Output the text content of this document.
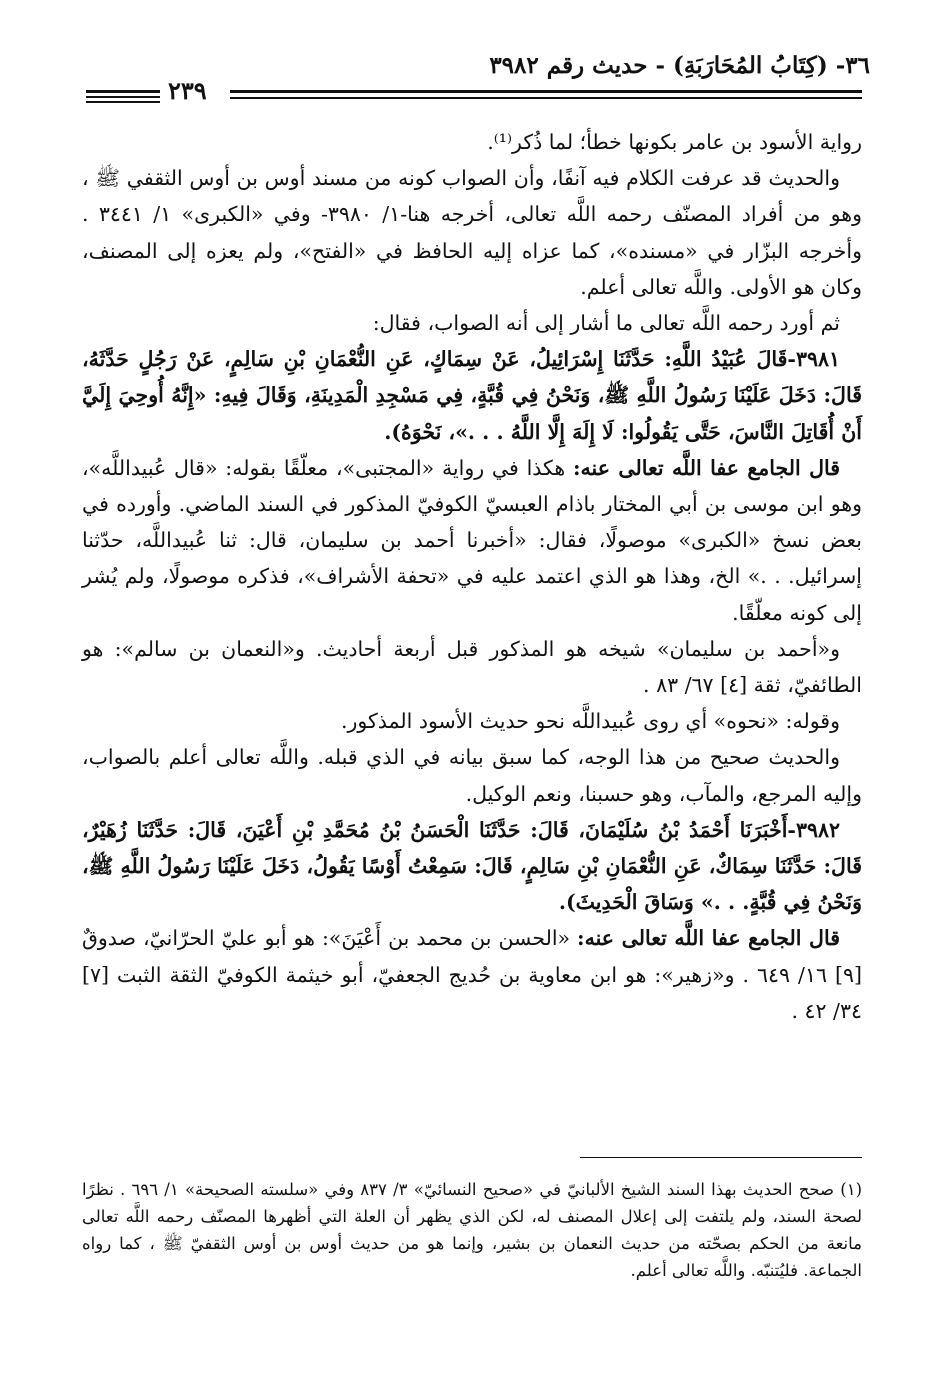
٣٦- (كِتَابُ المُحَارَبَةِ) - حديث رقم ٣٩٨٢
٢٣٩

رواية الأسود بن عامر بكونها خطأ؛ لما ذُكر⁽¹⁾.

والحديث قد عرفت الكلام فيه آنفًا، وأن الصواب كونه من مسند أوس بن أوس الثقفي ﷺ ، وهو من أفراد المصنّف رحمه اللَّه تعالى، أخرجه هنا-١/ ٣٩٨٠- وفي «الكبرى» ١/ ٣٤٤١ . وأخرجه البزّار في «مسنده»، كما عزاه إليه الحافظ في «الفتح»، ولم يعزه إلى المصنف، وكان هو الأولى. واللَّه تعالى أعلم.

ثم أورد رحمه اللَّه تعالى ما أشار إلى أنه الصواب، فقال:

٣٩٨١-قَالَ عُبَيْدُ اللَّهِ: حَدَّثَنَا إِسْرَائِيلُ، عَنْ سِمَاكٍ، عَنِ النُّعْمَانِ بْنِ سَالِمٍ، عَنْ رَجُلٍ حَدَّثَهُ، قَالَ: دَخَلَ عَلَيْنَا رَسُولُ اللَّهِ ﷺ، وَنَحْنُ فِي قُبَّةٍ، فِي مَسْجِدِ الْمَدِينَةِ، وَقَالَ فِيهِ: «إِنَّهُ أُوحِيَ إِلَيَّ أَنْ أُقَاتِلَ النَّاسَ، حَتَّى يَقُولُوا: لَا إِلَهَ إِلَّا اللَّهُ . . .»، نَحْوَهُ).

قال الجامع عفا اللَّه تعالى عنه: هكذا في رواية «المجتبى»، معلّقًا بقوله: «قال عُبيداللَّه»، وهو ابن موسى بن أبي المختار باذام العبسيّ الكوفيّ المذكور في السند الماضي. وأورده في بعض نسخ «الكبرى» موصولًا، فقال: «أخبرنا أحمد بن سليمان، قال: ثنا عُبيداللَّه، حدّثنا إسرائيل. . .» الخ، وهذا هو الذي اعتمد عليه في «تحفة الأشراف»، فذكره موصولًا، ولم يُشر إلى كونه معلّقًا.

و«أحمد بن سليمان» شيخه هو المذكور قبل أربعة أحاديث. و«النعمان بن سالم»: هو الطائفيّ، ثقة [٤] ٦٧/ ٨٣ .

وقوله: «نحوه» أي روى عُبيداللَّه نحو حديث الأسود المذكور.

والحديث صحيح من هذا الوجه، كما سبق بيانه في الذي قبله. واللَّه تعالى أعلم بالصواب، وإليه المرجع، والمآب، وهو حسبنا، ونعم الوكيل.

٣٩٨٢-أَخْبَرَنَا أَحْمَدُ بْنُ سُلَيْمَانَ، قَالَ: حَدَّثَنَا الْحَسَنُ بْنُ مُحَمَّدِ بْنِ أَعْيَنَ، قَالَ: حَدَّثَنَا زُهَيْرٌ، قَالَ: حَدَّثَنَا سِمَاكٌ، عَنِ النُّعْمَانِ بْنِ سَالِمٍ، قَالَ: سَمِعْتُ أَوْسًا يَقُولُ، دَخَلَ عَلَيْنَا رَسُولُ اللَّهِ ﷺ، وَنَحْنُ فِي قُبَّةٍ. . .» وَسَاقَ الْحَدِيثَ).

قال الجامع عفا اللَّه تعالى عنه: «الحسن بن محمد بن أَعْيَنَ»: هو أبو عليّ الحرّانيّ، صدوقٌ [٩] ١٦/ ٦٤٩ . و«زهير»: هو ابن معاوية بن حُديج الجعفيّ، أبو خيثمة الكوفيّ الثقة الثبت [٧] ٣٤/ ٤٢ .

(١) صحح الحديث بهذا السند الشيخ الألبانيّ في «صحيح النسائيّ» ٣/ ٨٣٧ وفي «سلسته الصحيحة» ١/ ٦٩٦ . نظرًا لصحة السند، ولم يلتفت إلى إعلال المصنف له، لكن الذي يظهر أن العلة التي أظهرها المصنّف رحمه اللَّه تعالى مانعة من الحكم بصحّته من حديث النعمان بن بشير، وإنما هو من حديث أوس بن أوس الثقفيّ ﷺ ، كما رواه الجماعة. فليُتنبّه. واللَّه تعالى أعلم.
